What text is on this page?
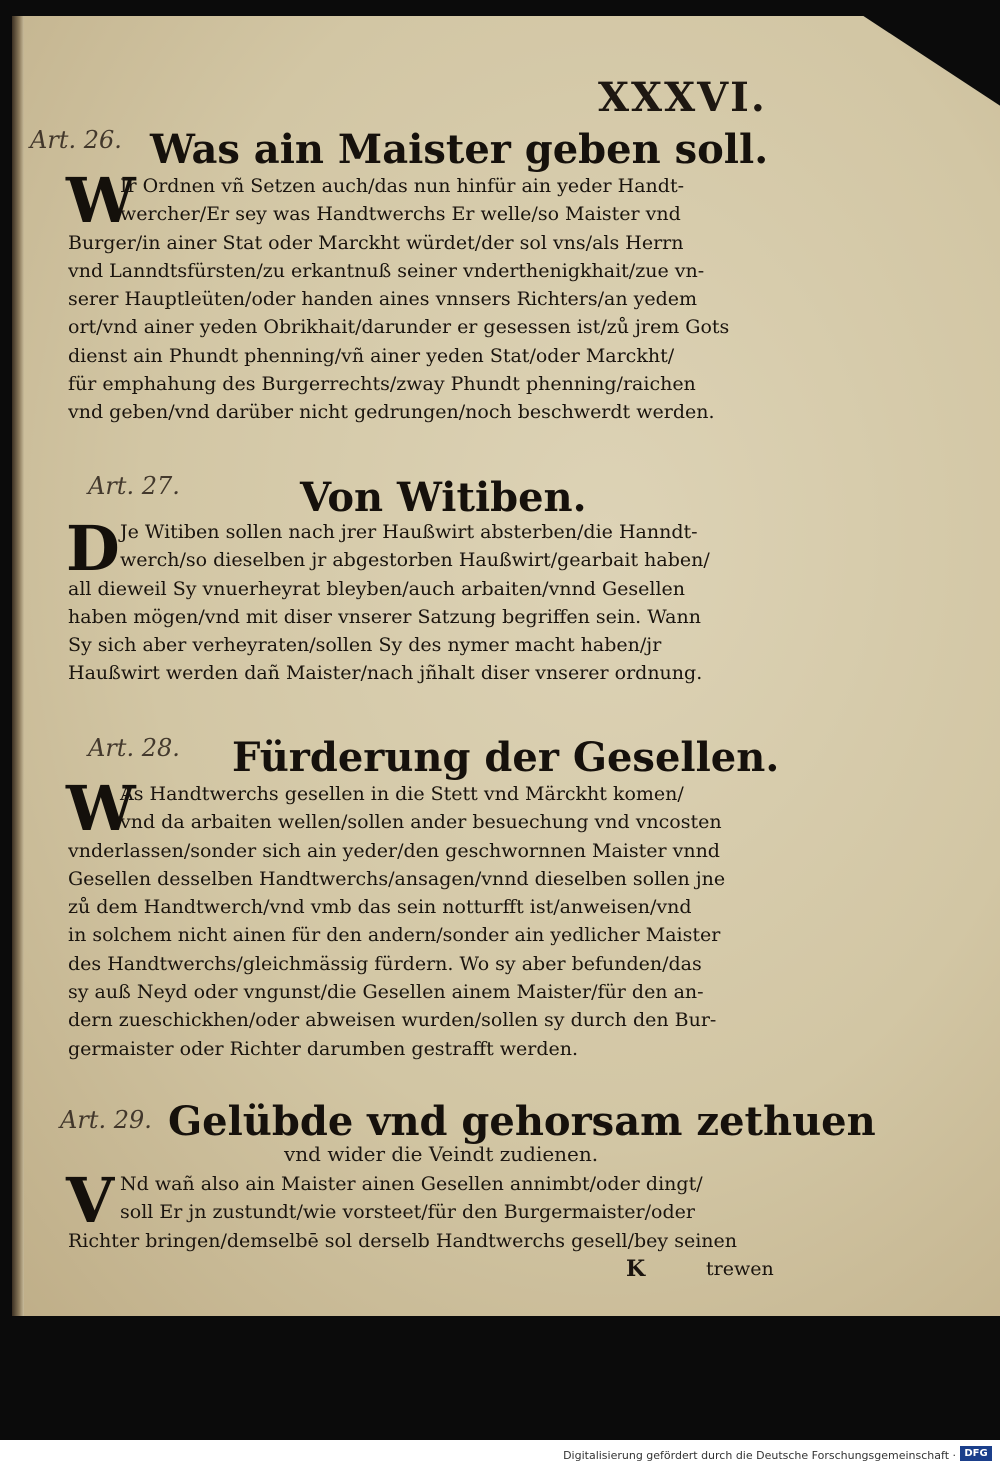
XXXVI.
Art. 26. Was ain Maister geben soll.
W
Ir Ordnen vñ Setzen auch/das nun hinfür ain yeder Handt-
wercher/Er sey was Handtwerchs Er welle/so Maister vnd
Burger/in ainer Stat oder Marckht würdet/der sol vns/als Herrn
vnd Lanndtsfürsten/zu erkantnuß seiner vnderthenigkhait/zue vn-
serer Hauptleüten/oder handen aines vnnsers Richters/an yedem
ort/vnd ainer yeden Obrikhait/darunder er gesessen ist/zů jrem Gots
dienst ain Phundt phenning/vñ ainer yeden Stat/oder Marckht/
für emphahung des Burgerrechts/zway Phundt phenning/raichen
vnd geben/vnd darüber nicht gedrungen/noch beschwerdt werden.
Art. 27.	Von Witiben.
D Je Witiben sollen nach jrer Haußwirt absterben/die Hanndt-
werch/so dieselben jr abgestorben Haußwirt/gearbait haben/
all dieweil Sy vnuerheyrat bleyben/auch arbaiten/vnnd Gesellen
haben mögen/vnd mit diser vnserer Satzung begriffen sein. Wann
Sy sich aber verheyraten/sollen Sy des nymer macht haben/jr
Haußwirt werden dañ Maister/nach jñhalt diser vnserer ordnung.
Art. 28. Fürderung der Gesellen.
W
As Handtwerchs gesellen in die Stett vnd Märckht komen/
vnd da arbaiten wellen/sollen ander besuechung vnd vncosten
vnderlassen/sonder sich ain yeder/den geschwornnen Maister vnnd
Gesellen desselben Handtwerchs/ansagen/vnnd dieselben sollen jne
zů dem Handtwerch/vnd vmb das sein notturfft ist/anweisen/vnd
in solchem nicht ainen für den andern/sonder ain yedlicher Maister
des Handtwerchs/gleichmässig fürdern. Wo sy aber befunden/das
sy auß Neyd oder vngunst/die Gesellen ainem Maister/für den an-
dern zueschickhen/oder abweisen wurden/sollen sy durch den Bur-
germaister oder Richter darumben gestrafft werden.
Art. 29. Gelübde vnd gehorsam zethuen
vnd wider die Veindt zudienen.
V Nd wañ also ain Maister ainen Gesellen annimbt/oder dingt/
soll Er jn zustundt/wie vorsteet/für den Burgermaister/oder
Richter bringen/demselbē sol derselb Handtwerchs gesell/bey seinen
K	trewen
Digitalisierung gefördert durch die Deutsche Forschungsgemeinschaft · DFG
